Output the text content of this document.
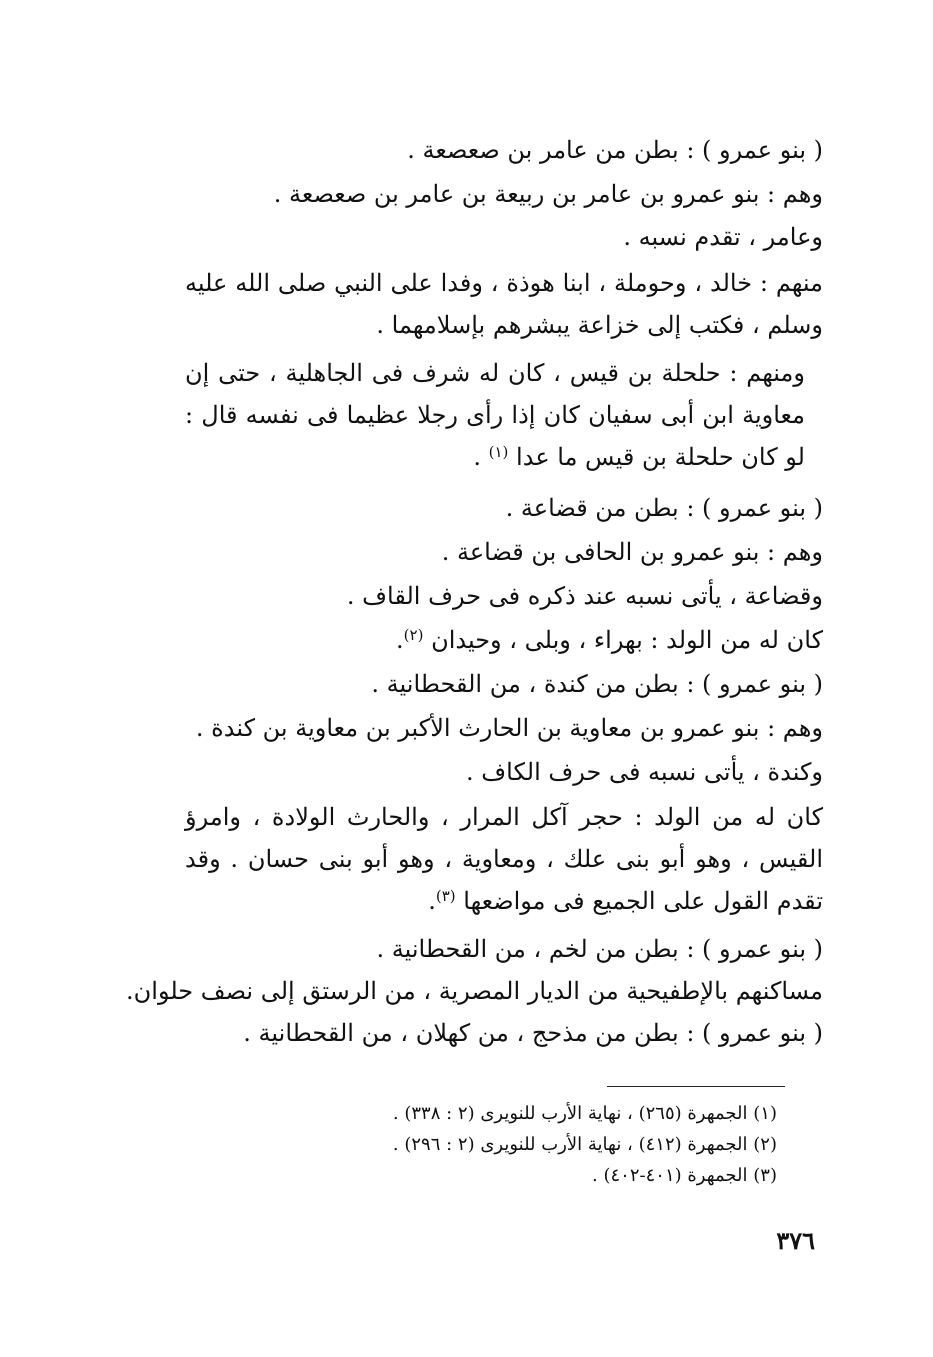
( بنو عمرو ) : بطن من عامر بن صعصعة .
وهم : بنو عمرو بن عامر بن ربيعة بن عامر بن صعصعة .
وعامر ، تقدم نسبه .
منهم : خالد ، وحوملة ، ابنا هوذة ، وفدا على النبي صلى الله عليه وسلم ، فكتب إلى خزاعة يبشرهم بإسلامهما .
ومنهم : حلحلة بن قيس ، كان له شرف فى الجاهلية ، حتى إن معاوية ابن أبى سفيان كان إذا رأى رجلا عظيما فى نفسه قال : لو كان حلحلة بن قيس ما عدا $^{(١)}$ .
( بنو عمرو ) : بطن من قضاعة .
وهم : بنو عمرو بن الحافى بن قضاعة .
وقضاعة ، يأتى نسبه عند ذكره فى حرف القاف .
كان له من الولد : بهراء ، وبلى ، وحيدان $^{(٢)}$.
( بنو عمرو ) : بطن من كندة ، من القحطانية .
وهم : بنو عمرو بن معاوية بن الحارث الأكبر بن معاوية بن كندة .
وكندة ، يأتى نسبه فى حرف الكاف .
كان له من الولد : حجر آكل المرار ، والحارث الولادة ، وامرؤ القيس ، وهو أبو بنى علك ، ومعاوية ، وهو أبو بنى حسان . وقد تقدم القول على الجميع فى مواضعها $^{(٣)}$.
( بنو عمرو ) : بطن من لخم ، من القحطانية .
مساكنهم بالإطفيحية من الديار المصرية ، من الرستق إلى نصف حلوان.
( بنو عمرو ) : بطن من مذحج ، من كهلان ، من القحطانية .
(١) الجمهرة (٢٦٥) ، نهاية الأرب للنويرى (٢ : ٣٣٨) .
(٢) الجمهرة (٤١٢) ، نهاية الأرب للنويرى (٢ : ٢٩٦) .
(٣) الجمهرة (٤٠١-٤٠٢) .
٣٧٦
